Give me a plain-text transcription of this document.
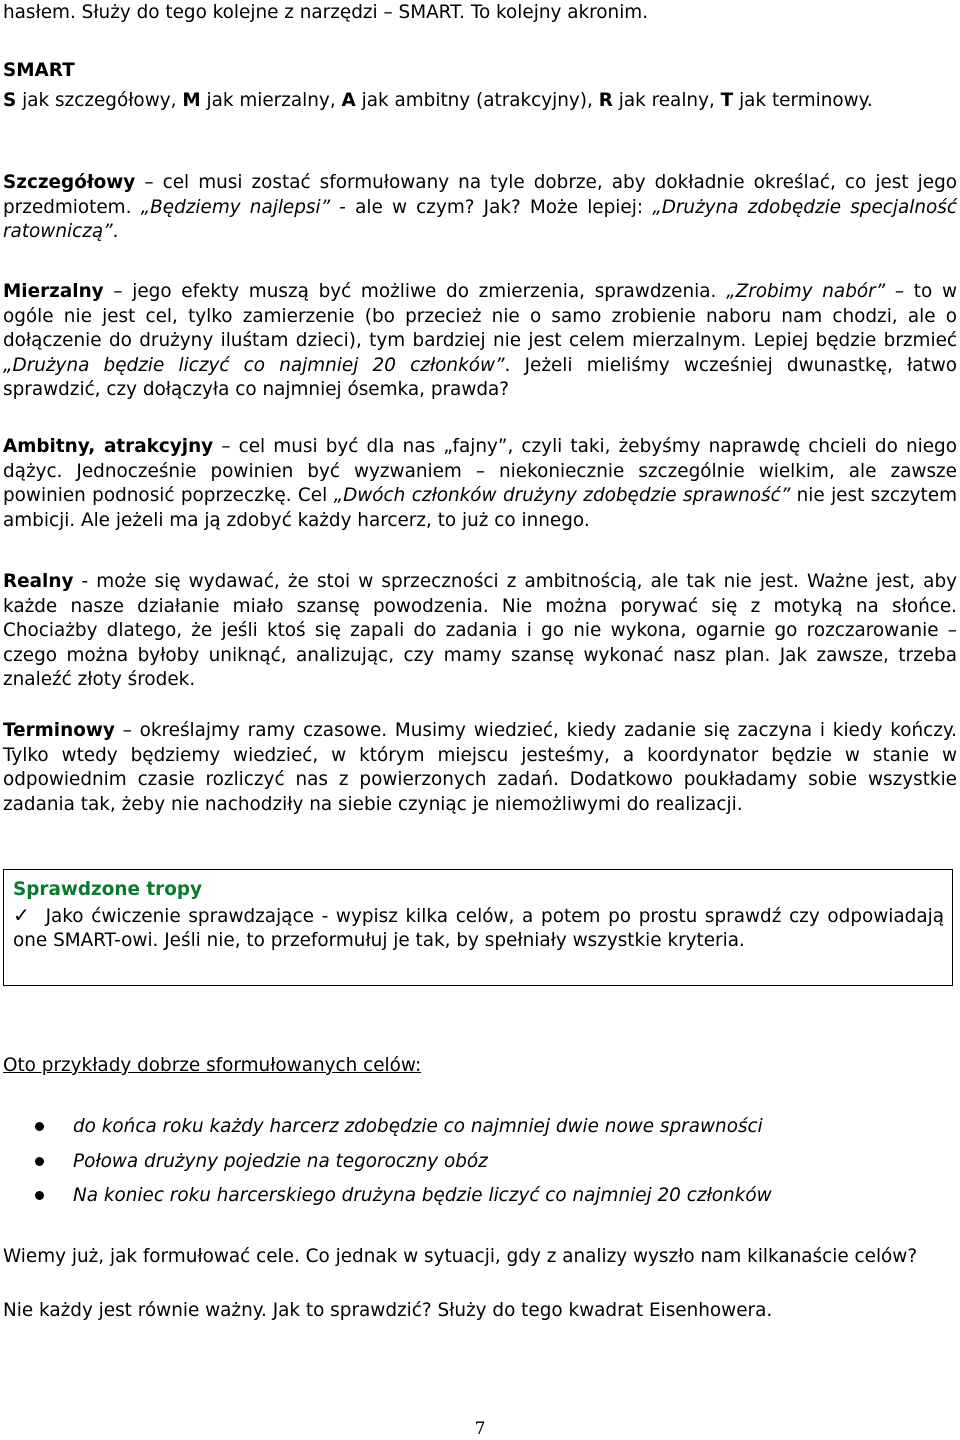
hasłem. Służy do tego kolejne z narzędzi – SMART. To kolejny akronim.

SMART

S jak szczegółowy, M jak mierzalny, A jak ambitny (atrakcyjny), R jak realny, T jak terminowy.

Szczegółowy – cel musi zostać sformułowany na tyle dobrze, aby dokładnie określać, co jest jego przedmiotem. „Będziemy najlepsi” - ale w czym? Jak? Może lepiej: „Drużyna zdobędzie specjalność ratowniczą”.

Mierzalny – jego efekty muszą być możliwe do zmierzenia, sprawdzenia. „Zrobimy nabór” – to w ogóle nie jest cel, tylko zamierzenie (bo przecież nie o samo zrobienie naboru nam chodzi, ale o dołączenie do drużyny iluśtam dzieci), tym bardziej nie jest celem mierzalnym. Lepiej będzie brzmieć „Drużyna będzie liczyć co najmniej 20 członków”. Jeżeli mieliśmy wcześniej dwunastkę, łatwo sprawdzić, czy dołączyła co najmniej ósemka, prawda?

Ambitny, atrakcyjny – cel musi być dla nas „fajny”, czyli taki, żebyśmy naprawdę chcieli do niego dążyc. Jednocześnie powinien być wyzwaniem – niekoniecznie szczególnie wielkim, ale zawsze powinien podnosić poprzeczkę. Cel „Dwóch członków drużyny zdobędzie sprawność” nie jest szczytem ambicji. Ale jeżeli ma ją zdobyć każdy harcerz, to już co innego.

Realny - może się wydawać, że stoi w sprzeczności z ambitnością, ale tak nie jest. Ważne jest, aby każde nasze działanie miało szansę powodzenia. Nie można porywać się z motyką na słońce. Chociażby dlatego, że jeśli ktoś się zapali do zadania i go nie wykona, ogarnie go rozczarowanie – czego można byłoby uniknąć, analizując, czy mamy szansę wykonać nasz plan. Jak zawsze, trzeba znaleźć złoty środek.

Terminowy – określajmy ramy czasowe. Musimy wiedzieć, kiedy zadanie się zaczyna i kiedy kończy. Tylko wtedy będziemy wiedzieć, w którym miejscu jesteśmy, a koordynator będzie w stanie w odpowiednim czasie rozliczyć nas z powierzonych zadań. Dodatkowo poukładamy sobie wszystkie zadania tak, żeby nie nachodziły na siebie czyniąc je niemożliwymi do realizacji.

Sprawdzone tropy

✓ Jako ćwiczenie sprawdzające - wypisz kilka celów, a potem po prostu sprawdź czy odpowiadają one SMART-owi. Jeśli nie, to przeformułuj je tak, by spełniały wszystkie kryteria.

Oto przykłady dobrze sformułowanych celów:

do końca roku każdy harcerz zdobędzie co najmniej dwie nowe sprawności
Połowa drużyny pojedzie na tegoroczny obóz
Na koniec roku harcerskiego drużyna będzie liczyć co najmniej 20 członków

Wiemy już, jak formułować cele. Co jednak w sytuacji, gdy z analizy wyszło nam kilkanaście celów?

Nie każdy jest równie ważny. Jak to sprawdzić? Służy do tego kwadrat Eisenhowera.

7
